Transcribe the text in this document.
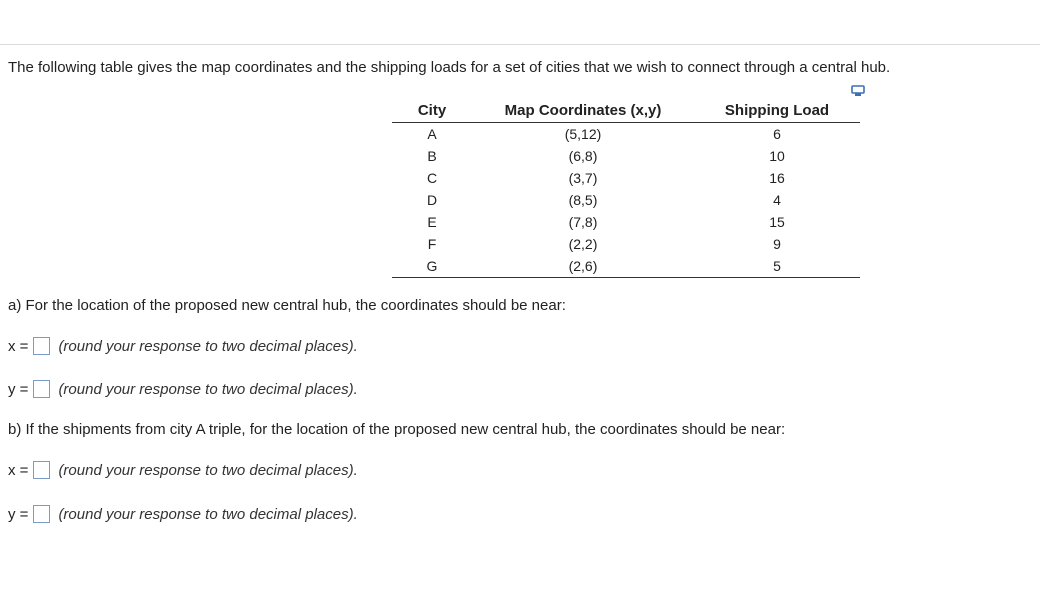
The following table gives the map coordinates and the shipping loads for a set of cities that we wish to connect through a central hub.
City	Map Coordinates (x,y)	Shipping Load
A	(5,12)	6
B	(6,8)	10
C	(3,7)	16
D	(8,5)	4
E	(7,8)	15
F	(2,2)	9
G	(2,6)	5
a) For the location of the proposed new central hub, the coordinates should be near:
x = (round your response to two decimal places).
y = (round your response to two decimal places).
b) If the shipments from city A triple, for the location of the proposed new central hub, the coordinates should be near:
x = (round your response to two decimal places).
y = (round your response to two decimal places).
